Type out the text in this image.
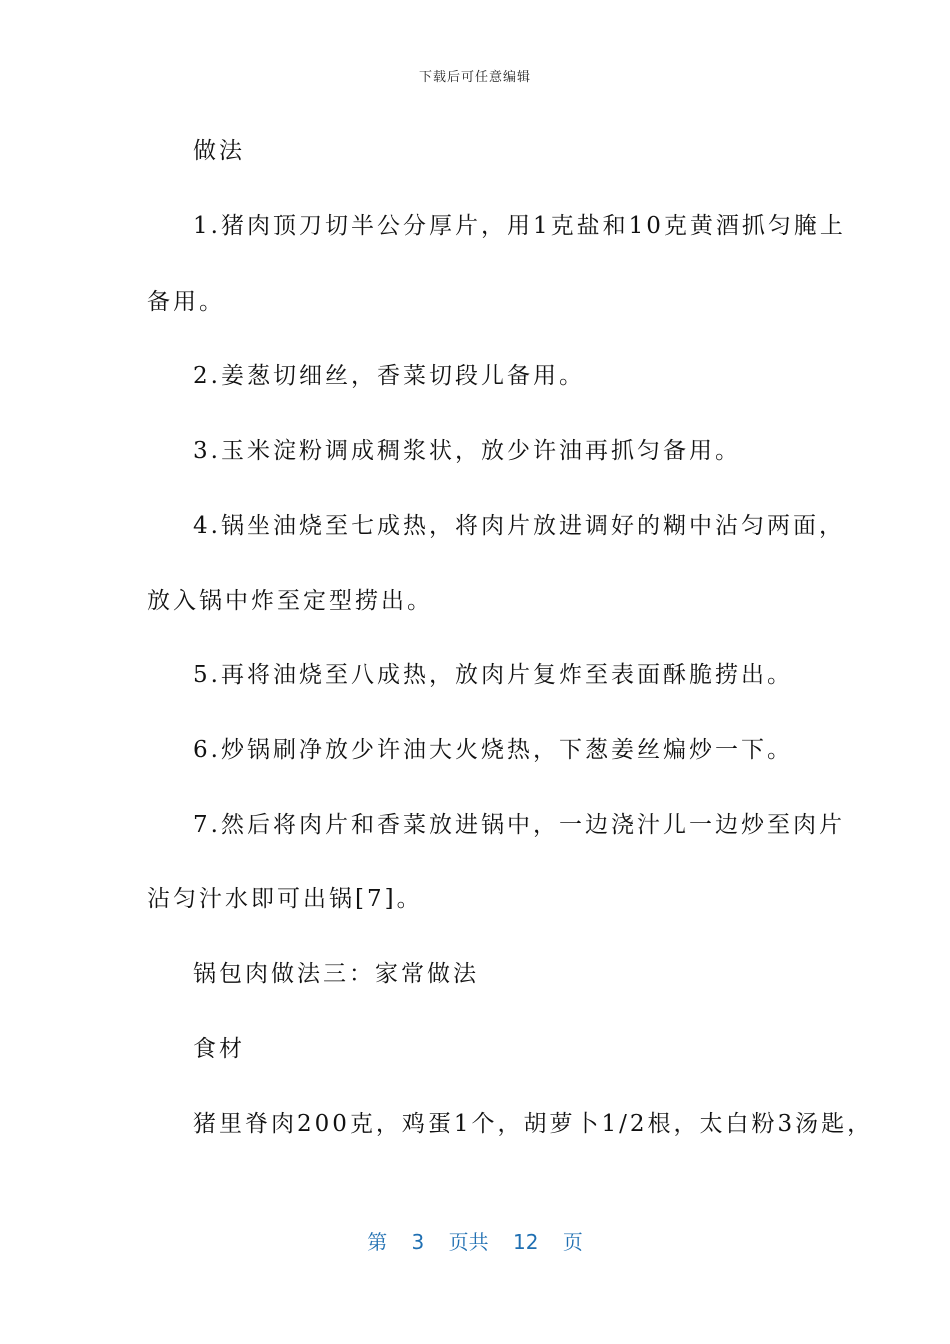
下载后可任意编辑
做法
1.猪肉顶刀切半公分厚片，用1克盐和10克黄酒抓匀腌上
备用。
2.姜葱切细丝，香菜切段儿备用。
3.玉米淀粉调成稠浆状，放少许油再抓匀备用。
4.锅坐油烧至七成热，将肉片放进调好的糊中沾匀两面，
放入锅中炸至定型捞出。
5.再将油烧至八成热，放肉片复炸至表面酥脆捞出。
6.炒锅刷净放少许油大火烧热，下葱姜丝煸炒一下。
7.然后将肉片和香菜放进锅中，一边浇汁儿一边炒至肉片
沾匀汁水即可出锅[7]。
锅包肉做法三：家常做法
食材
猪里脊肉200克，鸡蛋1个，胡萝卜1/2根，太白粉3汤匙，
第 3 页共 12 页
